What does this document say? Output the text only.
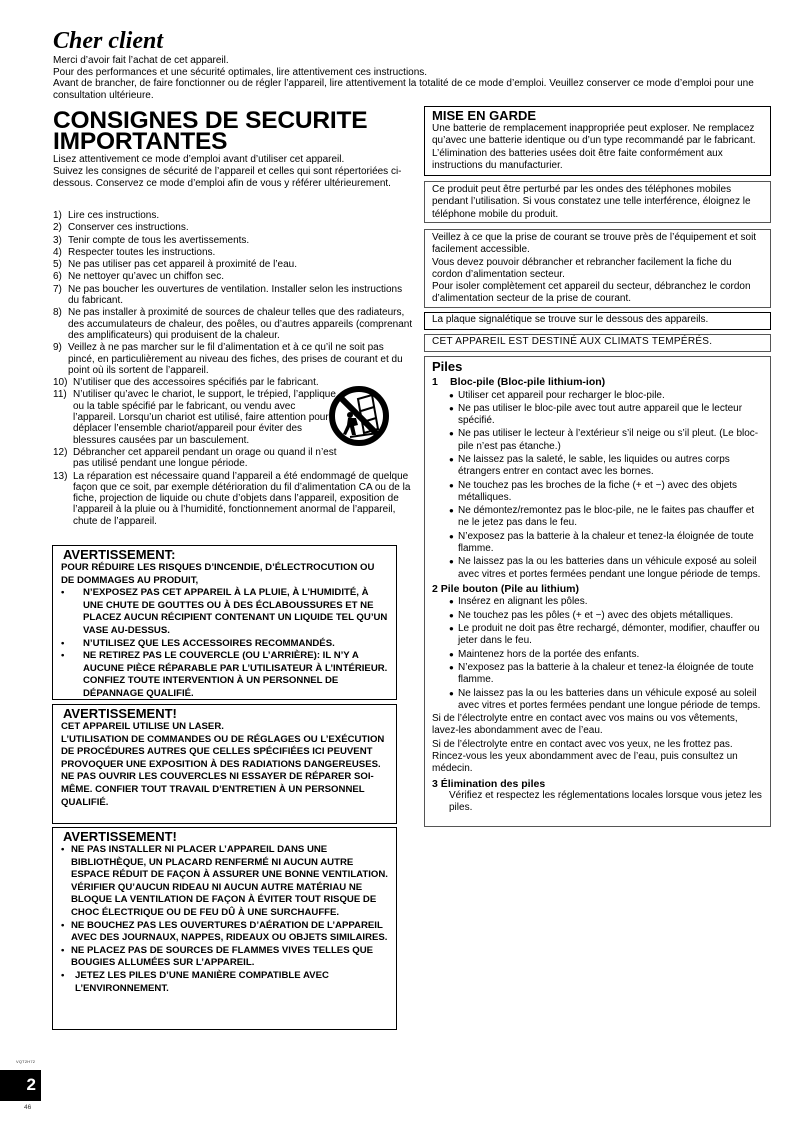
Cher client

Merci d’avoir fait l’achat de cet appareil.

Pour des performances et une sécurité optimales, lire attentivement ces instructions.

Avant de brancher, de faire fonctionner ou de régler l’appareil, lire attentivement la totalité de ce mode d’emploi. Veuillez conserver ce mode d’emploi pour une consultation ultérieure.

CONSIGNES DE SECURITE IMPORTANTES

Lisez attentivement ce mode d’emploi avant d’utiliser cet appareil.

Suivez les consignes de sécurité de l’appareil et celles qui sont répertoriées ci-dessous. Conservez ce mode d’emploi afin de vous y référer ultérieurement.

1) Lire ces instructions.
2) Conserver ces instructions.
3) Tenir compte de tous les avertissements.
4) Respecter toutes les instructions.
5) Ne pas utiliser pas cet appareil à proximité de l’eau.
6) Ne nettoyer qu’avec un chiffon sec.
7) Ne pas boucher les ouvertures de ventilation. Installer selon les instructions du fabricant.
8) Ne pas installer à proximité de sources de chaleur telles que des radiateurs, des accumulateurs de chaleur, des poêles, ou d’autres appareils (comprenant des amplificateurs) qui produisent de la chaleur.
9) Veillez à ne pas marcher sur le fil d’alimentation et à ce qu’il ne soit pas pincé, en particulièrement au niveau des fiches, des prises de courant et du point où ils sortent de l’appareil.
10) N’utiliser que des accessoires spécifiés par le fabricant.
11) N’utiliser qu’avec le chariot, le support, le trépied, l’applique ou la table spécifié par le fabricant, ou vendu avec l’appareil. Lorsqu’un chariot est utilisé, faire attention pour déplacer l’ensemble chariot/appareil pour éviter des blessures causées par un basculement.
12) Débrancher cet appareil pendant un orage ou quand il n’est pas utilisé pendant une longue période.
13) La réparation est nécessaire quand l’appareil a été endommagé de quelque façon que ce soit, par exemple détérioration du fil d’alimentation CA ou de la fiche, projection de liquide ou chute d’objets dans l’appareil, exposition de l’appareil à la pluie ou à l’humidité, fonctionnement anormal de l’appareil, chute de l’appareil.
AVERTISSEMENT:

POUR RÉDUIRE LES RISQUES D’INCENDIE, D’ÉLECTROCUTION OU DE DOMMAGES AU PRODUIT,

• N’EXPOSEZ PAS CET APPAREIL À LA PLUIE, À L’HUMIDITÉ, À UNE CHUTE DE GOUTTES OU À DES ÉCLABOUSSURES ET NE PLACEZ AUCUN RÉCIPIENT CONTENANT UN LIQUIDE TEL QU’UN VASE AU-DESSUS.
• N’UTILISEZ QUE LES ACCESSOIRES RECOMMANDÉS.
• NE RETIREZ PAS LE COUVERCLE (OU L’ARRIÈRE): IL N’Y A AUCUNE PIÈCE RÉPARABLE PAR L’UTILISATEUR À L’INTÉRIEUR. CONFIEZ TOUTE INTERVENTION À UN PERSONNEL DE DÉPANNAGE QUALIFIÉ.
AVERTISSEMENT!

CET APPAREIL UTILISE UN LASER.

L’UTILISATION DE COMMANDES OU DE RÉGLAGES OU L’EXÉCUTION DE PROCÉDURES AUTRES QUE CELLES SPÉCIFIÉES ICI PEUVENT PROVOQUER UNE EXPOSITION À DES RADIATIONS DANGEREUSES.

NE PAS OUVRIR LES COUVERCLES NI ESSAYER DE RÉPARER SOI-MÊME. CONFIER TOUT TRAVAIL D’ENTRETIEN À UN PERSONNEL QUALIFIÉ.

AVERTISSEMENT!
• NE PAS INSTALLER NI PLACER L’APPAREIL DANS UNE BIBLIOTHÈQUE, UN PLACARD RENFERMÉ NI AUCUN AUTRE ESPACE RÉDUIT DE FAÇON À ASSURER UNE BONNE VENTILATION. VÉRIFIER QU’AUCUN RIDEAU NI AUCUN AUTRE MATÉRIAU NE BLOQUE LA VENTILATION DE FAÇON À ÉVITER TOUT RISQUE DE CHOC ÉLECTRIQUE OU DE FEU DÛ À UNE SURCHAUFFE.
• NE BOUCHEZ PAS LES OUVERTURES D’AÉRATION DE L’APPAREIL AVEC DES JOURNAUX, NAPPES, RIDEAUX OU OBJETS SIMILAIRES.
• NE PLACEZ PAS DE SOURCES DE FLAMMES VIVES TELLES QUE BOUGIES ALLUMÉES SUR L’APPAREIL.
• JETEZ LES PILES D’UNE MANIÈRE COMPATIBLE AVEC L’ENVIRONNEMENT.
MISE EN GARDE

Une batterie de remplacement inappropriée peut exploser. Ne remplacez qu’avec une batterie identique ou d’un type recommandé par le fabricant. L’élimination des batteries usées doit être faite conformément aux instructions du manufacturier.

Ce produit peut être perturbé par les ondes des téléphones mobiles pendant l’utilisation. Si vous constatez une telle interférence, éloignez le téléphone mobile du produit.

Veillez à ce que la prise de courant se trouve près de l’équipement et soit facilement accessible.

Vous devez pouvoir débrancher et rebrancher facilement la fiche du cordon d’alimentation secteur.

Pour isoler complètement cet appareil du secteur, débranchez le cordon d’alimentation secteur de la prise de courant.

La plaque signalétique se trouve sur le dessous des appareils.

CET APPAREIL EST DESTINÉ AUX CLIMATS TEMPÉRÉS.

Piles
1 Bloc-pile (Bloc-pile lithium-ion)
● Utiliser cet appareil pour recharger le bloc-pile.
● Ne pas utiliser le bloc-pile avec tout autre appareil que le lecteur spécifié.
● Ne pas utiliser le lecteur à l’extérieur s’il neige ou s’il pleut. (Le bloc-pile n’est pas étanche.)
● Ne laissez pas la saleté, le sable, les liquides ou autres corps étrangers entrer en contact avec les bornes.
● Ne touchez pas les broches de la fiche (+ et −) avec des objets métalliques.
● Ne démontez/remontez pas le bloc-pile, ne le faites pas chauffer et ne le jetez pas dans le feu.
● N’exposez pas la batterie à la chaleur et tenez-la éloignée de toute flamme.
● Ne laissez pas la ou les batteries dans un véhicule exposé au soleil avec vitres et portes fermées pendant une longue période de temps.
2 Pile bouton (Pile au lithium)
● Insérez en alignant les pôles.
● Ne touchez pas les pôles (+ et −) avec des objets métalliques.
● Le produit ne doit pas être rechargé, démonter, modifier, chauffer ou jeter dans le feu.
● Maintenez hors de la portée des enfants.
● N’exposez pas la batterie à la chaleur et tenez-la éloignée de toute flamme.
● Ne laissez pas la ou les batteries dans un véhicule exposé au soleil avec vitres et portes fermées pendant une longue période de temps.

Si de l’électrolyte entre en contact avec vos mains ou vos vêtements, lavez-les abondamment avec de l’eau.

Si de l’électrolyte entre en contact avec vos yeux, ne les frottez pas. Rincez-vous les yeux abondamment avec de l’eau, puis consultez un médecin.

3 Élimination des piles

Vérifiez et respectez les réglementations locales lorsque vous jetez les piles.

VQT2H72
2
46
